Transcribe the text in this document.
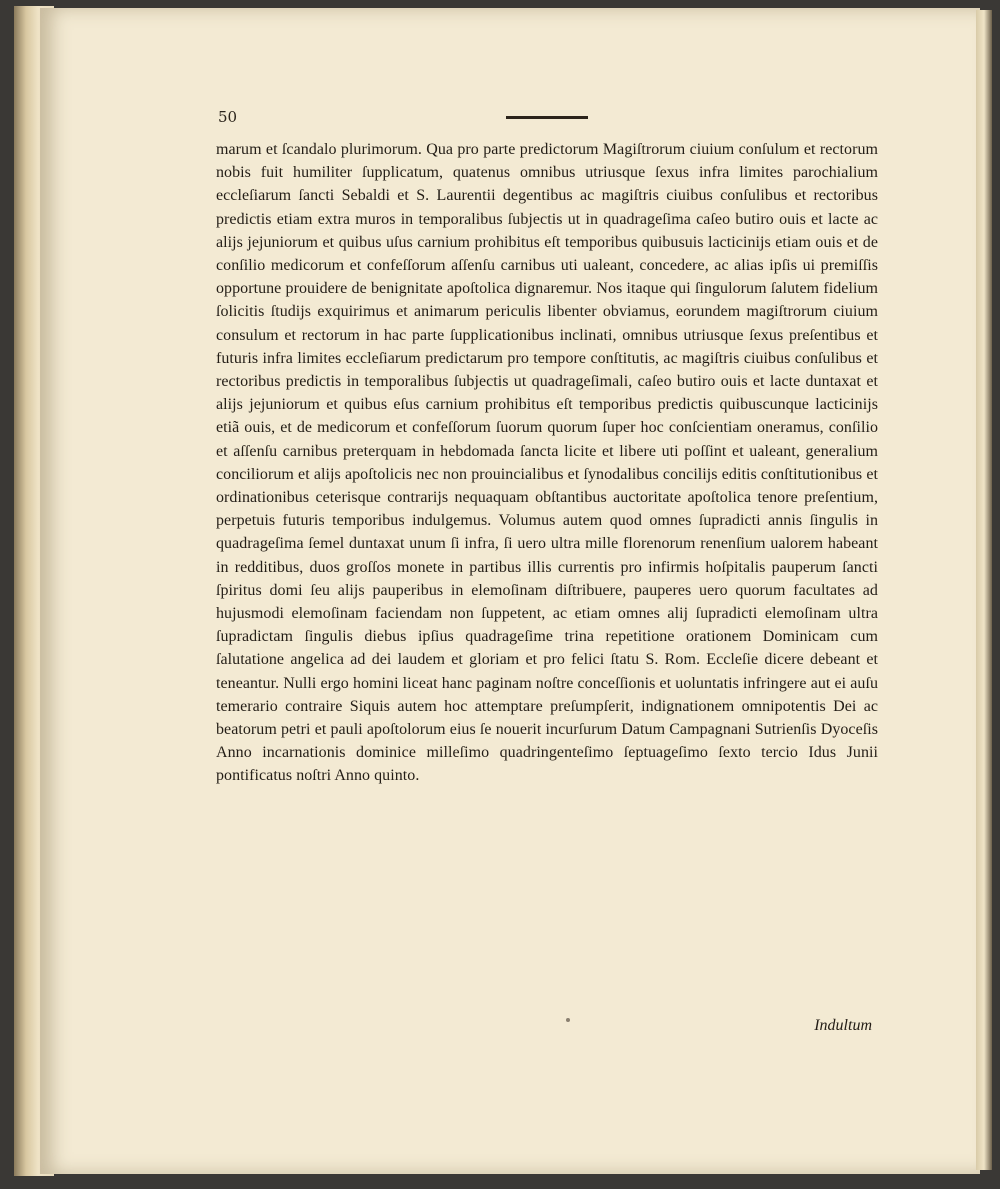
50

marum et ſcandalo plurimorum. Qua pro parte predictorum Magiſtrorum ciuium conſulum et rectorum nobis fuit humiliter ſupplicatum, quatenus omnibus utriusque ſexus infra limites parochialium eccleſiarum ſancti Sebaldi et S. Laurentii degentibus ac magiſtris ciuibus conſulibus et rectoribus predictis etiam extra muros in temporalibus ſubjectis ut in quadrageſima caſeo butiro ouis et lacte ac alijs jejuniorum et quibus uſus carnium prohibitus eſt temporibus quibusuis lacticinijs etiam ouis et de conſilio medicorum et confeſſorum aſſenſu carnibus uti ualeant, concedere, ac alias ipſis ui premiſſis opportune prouidere de benignitate apoſtolica dignaremur. Nos itaque qui ſingulorum ſalutem fidelium ſolicitis ſtudijs exquirimus et animarum periculis libenter obviamus, eorundem magiſtrorum ciuium consulum et rectorum in hac parte ſupplicationibus inclinati, omnibus utriusque ſexus preſentibus et futuris infra limites eccleſiarum predictarum pro tempore conſtitutis, ac magiſtris ciuibus conſulibus et rectoribus predictis in temporalibus ſubjectis ut quadrageſimali, caſeo butiro ouis et lacte duntaxat et alijs jejuniorum et quibus eſus carnium prohibitus eſt temporibus predictis quibuscunque lacticinijs etiã ouis, et de medicorum et confeſſorum ſuorum quorum ſuper hoc conſcientiam oneramus, conſilio et aſſenſu carnibus preterquam in hebdomada ſancta licite et libere uti poſſint et ualeant, generalium conciliorum et alijs apoſtolicis nec non prouincialibus et ſynodalibus concilijs editis conſtitutionibus et ordinationibus ceterisque contrarijs nequaquam obſtantibus auctoritate apoſtolica tenore preſentium, perpetuis futuris temporibus indulgemus. Volumus autem quod omnes ſupradicti annis ſingulis in quadrageſima ſemel duntaxat unum ſi infra, ſi uero ultra mille florenorum renenſium ualorem habeant in redditibus, duos groſſos monete in partibus illis currentis pro infirmis hoſpitalis pauperum ſancti ſpiritus domi ſeu alijs pauperibus in elemoſinam diſtribuere, pauperes uero quorum facultates ad hujusmodi elemoſinam faciendam non ſuppetent, ac etiam omnes alij ſupradicti elemoſinam ultra ſupradictam ſingulis diebus ipſius quadrageſime trina repetitione orationem Dominicam cum ſalutatione angelica ad dei laudem et gloriam et pro felici ſtatu S. Rom. Eccleſie dicere debeant et teneantur. Nulli ergo homini liceat hanc paginam noſtre conceſſionis et uoluntatis infringere aut ei auſu temerario contraire Siquis autem hoc attemptare preſumpſerit, indignationem omnipotentis Dei ac beatorum petri et pauli apoſtolorum eius ſe nouerit incurſurum Datum Campagnani Sutrienſis Dyoceſis Anno incarnationis dominice milleſimo quadringenteſimo ſeptuageſimo ſexto tercio Idus Junii pontificatus noſtri Anno quinto.

Indultum
